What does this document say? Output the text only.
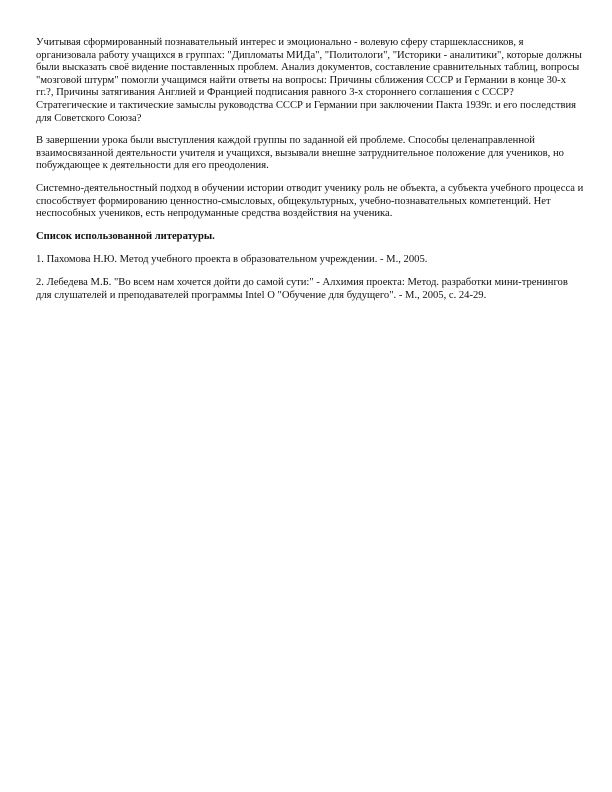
Учитывая сформированный познавательный интерес и эмоционально - волевую сферу старшеклассников, я организовала работу учащихся в группах: "Дипломаты МИДа", "Политологи", "Историки - аналитики", которые должны были высказать своё видение поставленных проблем. Анализ документов, составление сравнительных таблиц, вопросы "мозговой штурм" помогли учащимся найти ответы на вопросы: Причины сближения СССР и Германии в конце 30-х гг.?, Причины затягивания Англией и Францией подписания равного 3-х стороннего соглашения с СССР? Стратегические и тактические замыслы руководства СССР и Германии при заключении Пакта 1939г. и его последствия для Советского Союза?

В завершении урока были выступления каждой группы по заданной ей проблеме. Способы целенаправленной взаимосвязанной деятельности учителя и учащихся, вызывали внешне затруднительное положение для учеников, но побуждающее к деятельности для его преодоления.

Системно-деятельностный подход в обучении истории отводит ученику роль не объекта, а субъекта учебного процесса и способствует формированию ценностно-смысловых, общекультурных, учебно-познавательных компетенций. Нет неспособных учеников, есть непродуманные средства воздействия на ученика.

Список использованной литературы.

1. Пахомова Н.Ю. Метод учебного проекта в образовательном учреждении. - М., 2005.

2. Лебедева М.Б. "Во всем нам хочется дойти до самой сути:" - Алхимия проекта: Метод. разработки мини-тренингов для слушателей и преподавателей программы Intel О "Обучение для будущего". - М., 2005, с. 24-29.
